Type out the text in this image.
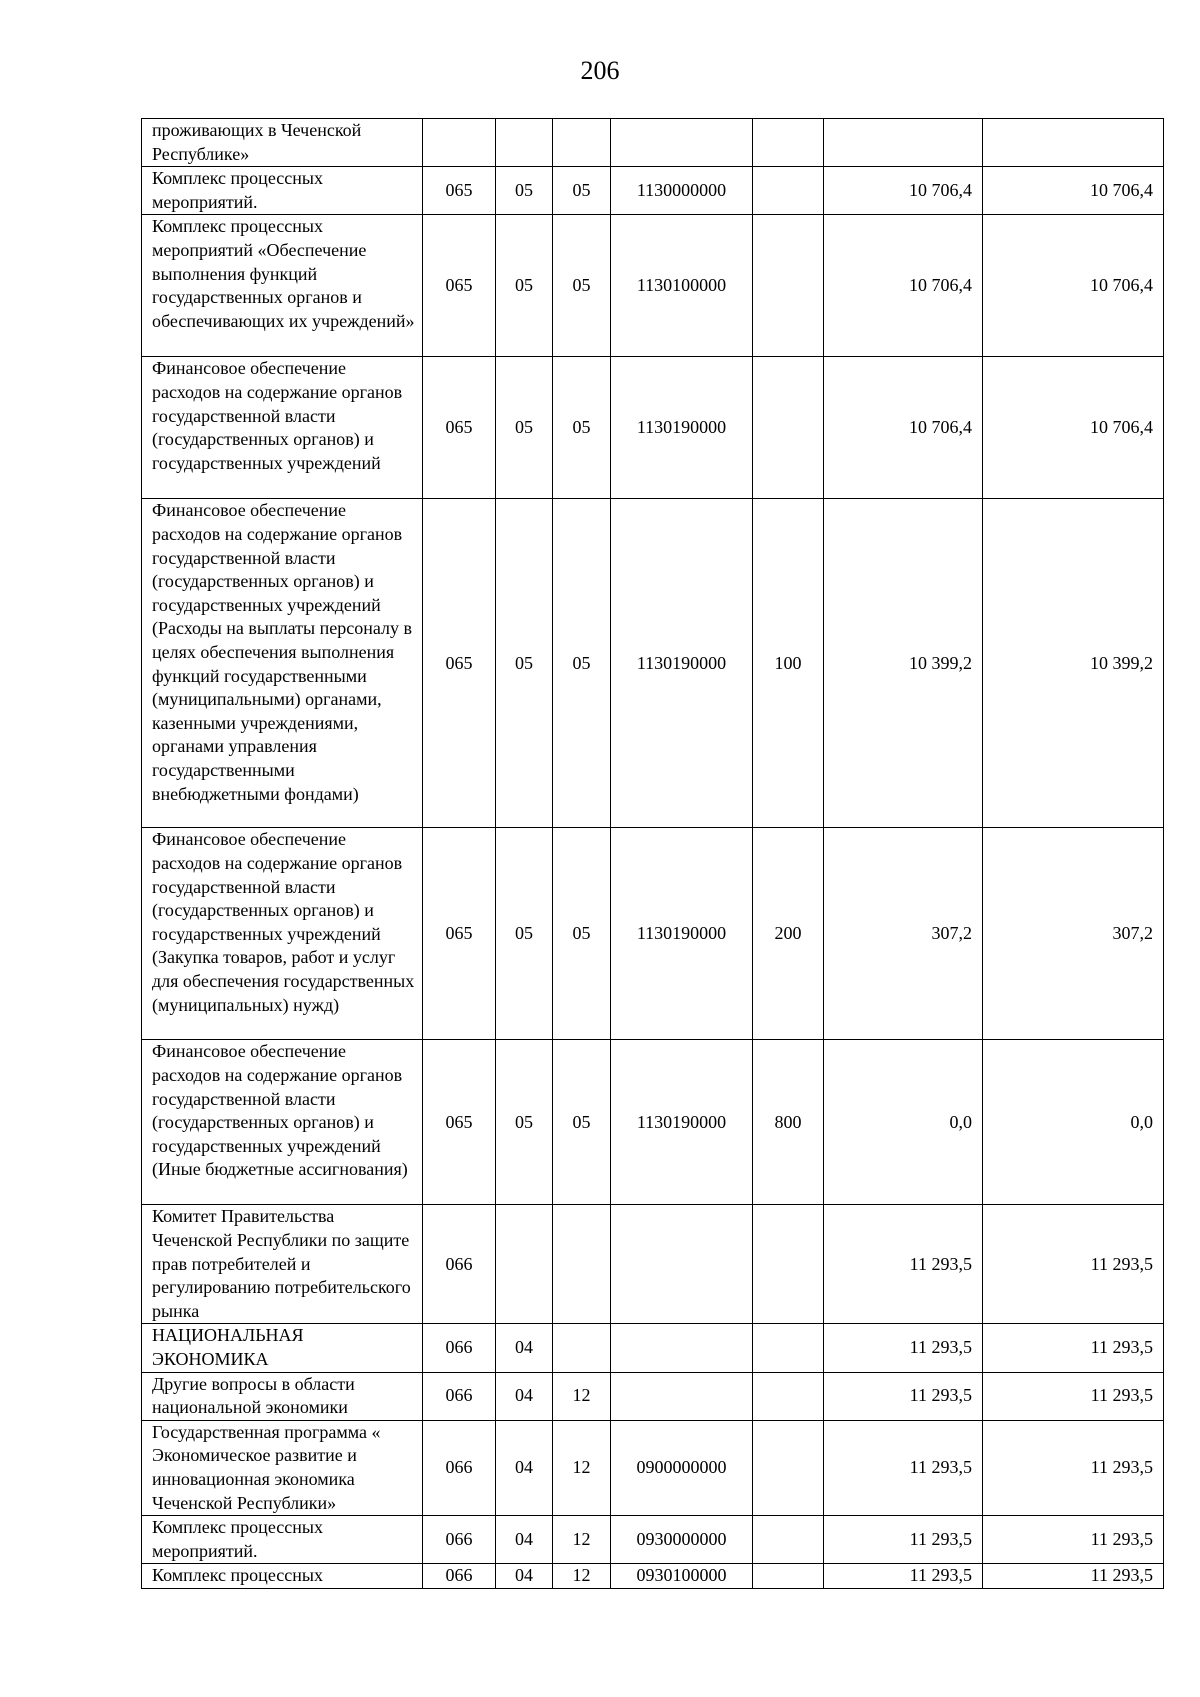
206
проживающих в Чеченской Республике»							
Комплекс процессных мероприятий.	065	05	05	1130000000		10 706,4	10 706,4
Комплекс процессных мероприятий «Обеспечение выполнения функций государственных органов и обеспечивающих их учреждений»	065	05	05	1130100000		10 706,4	10 706,4
Финансовое обеспечение расходов на содержание органов государственной власти (государственных органов) и государственных учреждений	065	05	05	1130190000		10 706,4	10 706,4
Финансовое обеспечение расходов на содержание органов государственной власти (государственных органов) и государственных учреждений (Расходы на выплаты персоналу в целях обеспечения выполнения функций государственными (муниципальными) органами, казенными учреждениями, органами управления государственными внебюджетными фондами)	065	05	05	1130190000	100	10 399,2	10 399,2
Финансовое обеспечение расходов на содержание органов государственной власти (государственных органов) и государственных учреждений (Закупка товаров, работ и услуг для обеспечения государственных (муниципальных) нужд)	065	05	05	1130190000	200	307,2	307,2
Финансовое обеспечение расходов на содержание органов государственной власти (государственных органов) и государственных учреждений (Иные бюджетные ассигнования)	065	05	05	1130190000	800	0,0	0,0
Комитет Правительства Чеченской Республики по защите прав потребителей и регулированию потребительского рынка	066					11 293,5	11 293,5
НАЦИОНАЛЬНАЯ ЭКОНОМИКА	066	04				11 293,5	11 293,5
Другие вопросы в области национальной экономики	066	04	12			11 293,5	11 293,5
Государственная программа « Экономическое развитие и инновационная экономика Чеченской Республики»	066	04	12	0900000000		11 293,5	11 293,5
Комплекс процессных мероприятий.	066	04	12	0930000000		11 293,5	11 293,5
Комплекс процессных	066	04	12	0930100000		11 293,5	11 293,5
